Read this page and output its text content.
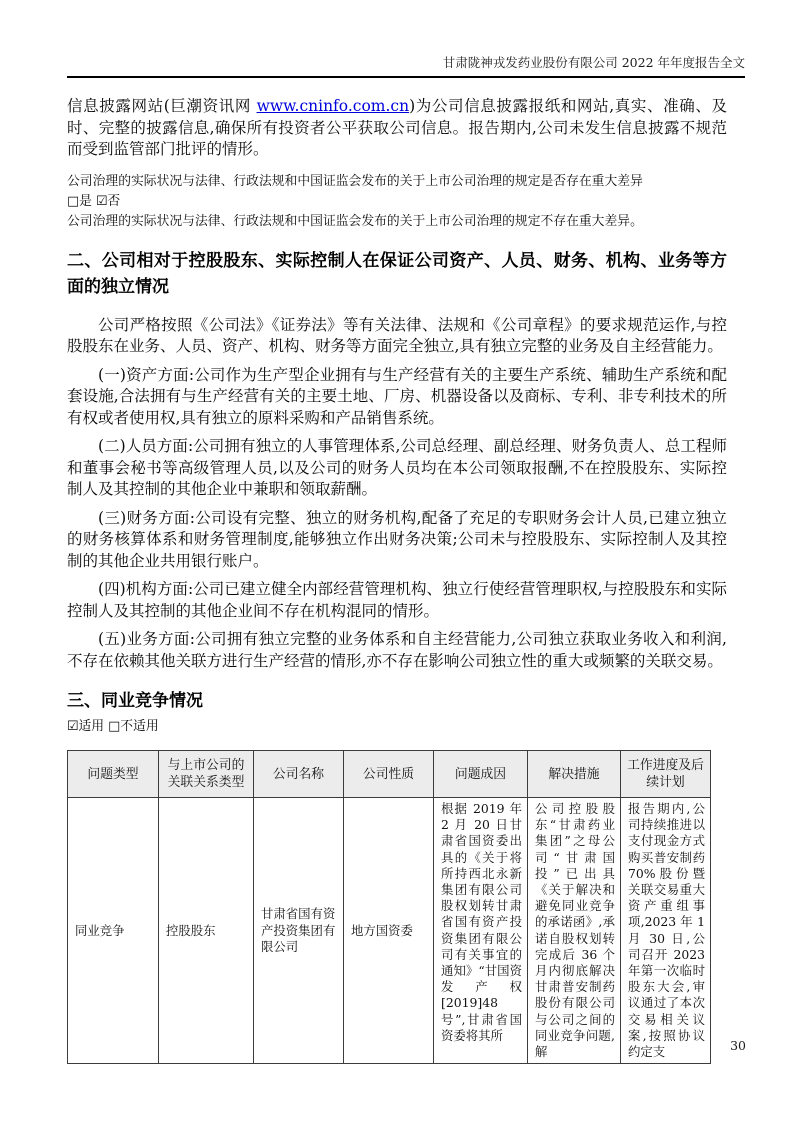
甘肃陇神戎发药业股份有限公司 2022 年年度报告全文

信息披露网站(巨潮资讯网 www.cninfo.com.cn)为公司信息披露报纸和网站,真实、准确、及时、完整的披露信息,确保所有投资者公平获取公司信息。报告期内,公司未发生信息披露不规范而受到监管部门批评的情形。

公司治理的实际状况与法律、行政法规和中国证监会发布的关于上市公司治理的规定是否存在重大差异

□是 ☑否

公司治理的实际状况与法律、行政法规和中国证监会发布的关于上市公司治理的规定不存在重大差异。

二、公司相对于控股股东、实际控制人在保证公司资产、人员、财务、机构、业务等方面的独立情况

公司严格按照《公司法》《证券法》等有关法律、法规和《公司章程》的要求规范运作,与控股股东在业务、人员、资产、机构、财务等方面完全独立,具有独立完整的业务及自主经营能力。

(一)资产方面:公司作为生产型企业拥有与生产经营有关的主要生产系统、辅助生产系统和配套设施,合法拥有与生产经营有关的主要土地、厂房、机器设备以及商标、专利、非专利技术的所有权或者使用权,具有独立的原料采购和产品销售系统。

(二)人员方面:公司拥有独立的人事管理体系,公司总经理、副总经理、财务负责人、总工程师和董事会秘书等高级管理人员,以及公司的财务人员均在本公司领取报酬,不在控股股东、实际控制人及其控制的其他企业中兼职和领取薪酬。

(三)财务方面:公司设有完整、独立的财务机构,配备了充足的专职财务会计人员,已建立独立的财务核算体系和财务管理制度,能够独立作出财务决策;公司未与控股股东、实际控制人及其控制的其他企业共用银行账户。

(四)机构方面:公司已建立健全内部经营管理机构、独立行使经营管理职权,与控股股东和实际控制人及其控制的其他企业间不存在机构混同的情形。

(五)业务方面:公司拥有独立完整的业务体系和自主经营能力,公司独立获取业务收入和利润,不存在依赖其他关联方进行生产经营的情形,亦不存在影响公司独立性的重大或频繁的关联交易。

三、同业竞争情况

☑适用 □不适用

问题类型	与上市公司的关联关系类型	公司名称	公司性质	问题成因	解决措施	工作进度及后续计划
同业竞争	控股股东	甘肃省国有资产投资集团有限公司	地方国资委	根据 2019 年 2 月 20 日甘肃省国资委出具的《关于将所持西北永新集团有限公司股权划转甘肃省国有资产投资集团有限公司有关事宜的通知》“甘国资发产权[2019]48 号”,甘肃省国资委将其所	公司控股股东“甘肃药业集团”之母公司“甘肃国投”已出具《关于解决和避免同业竞争的承诺函》,承诺自股权划转完成后 36 个月内彻底解决甘肃普安制药股份有限公司与公司之间的同业竞争问题,解	报告期内,公司持续推进以支付现金方式购买普安制药 70%股份暨关联交易重大资产重组事项,2023 年 1 月 30 日,公司召开 2023 年第一次临时股东大会,审议通过了本次交易相关议案,按照协议约定支	30
